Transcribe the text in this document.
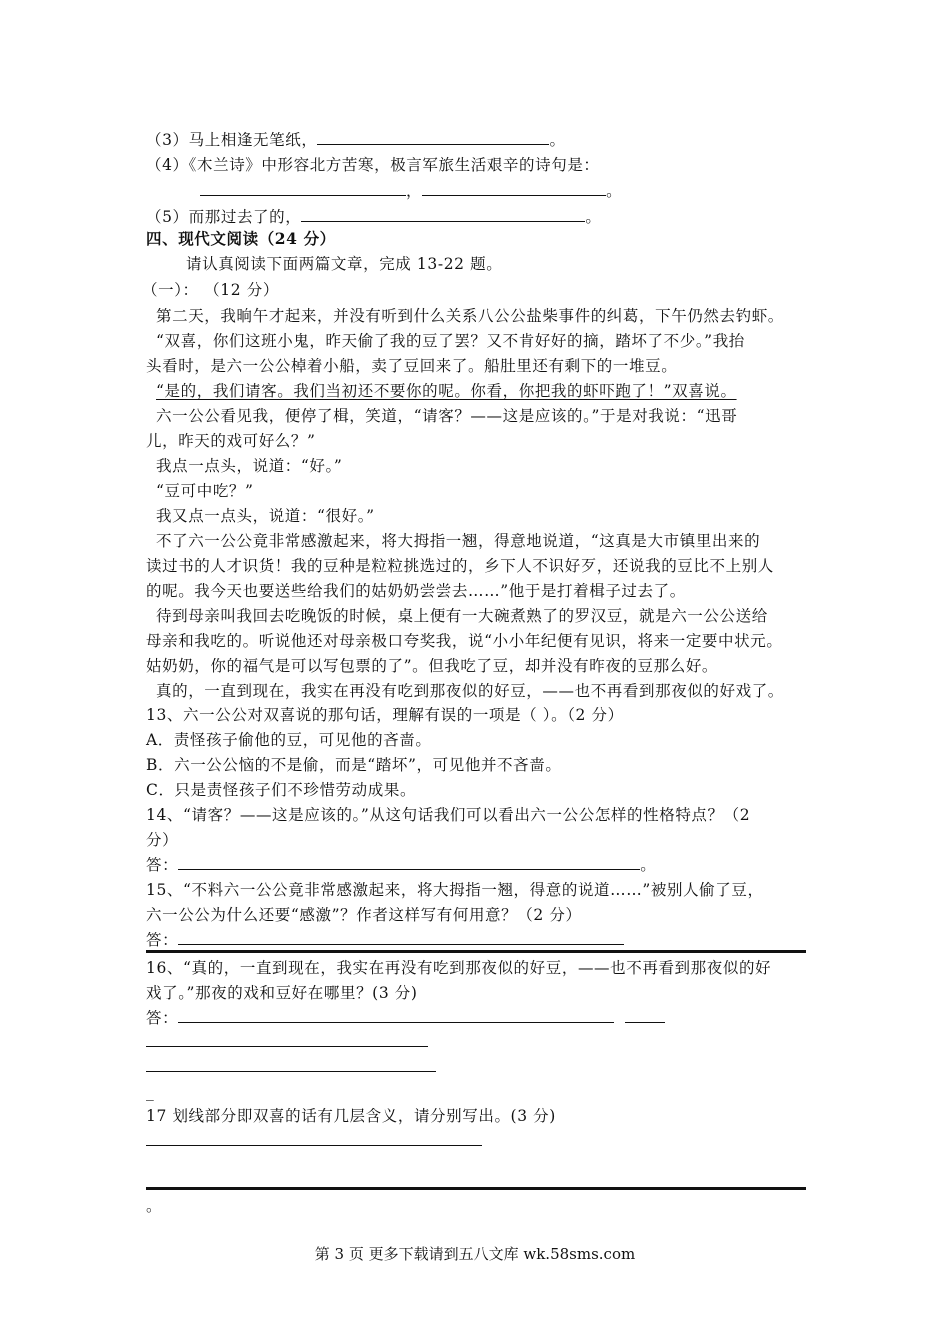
（3）马上相逢无笔纸，	。
（4）《木兰诗》中形容北方苦寒，极言军旅生活艰辛的诗句是：
，	。
（5）而那过去了的，	。
四、现代文阅读（24 分）
请认真阅读下面两篇文章，完成 13-22 题。
（一）： （12 分）
第二天，我晌午才起来，并没有听到什么关系八公公盐柴事件的纠葛，下午仍然去钓虾。
“双喜，你们这班小鬼，昨天偷了我的豆了罢？又不肯好好的摘，踏坏了不少。”我抬
头看时，是六一公公棹着小船，卖了豆回来了。船肚里还有剩下的一堆豆。
“是的，我们请客。我们当初还不要你的呢。你看，你把我的虾吓跑了！”双喜说。
六一公公看见我，便停了楫，笑道，“请客？——这是应该的。”于是对我说：“迅哥
儿，昨天的戏可好么？”
我点一点头，说道：“好。”
“豆可中吃？”
我又点一点头，说道：“很好。”
不了六一公公竟非常感激起来，将大拇指一翘，得意地说道，“这真是大市镇里出来的
读过书的人才识货！我的豆种是粒粒挑选过的，乡下人不识好歹，还说我的豆比不上别人
的呢。我今天也要送些给我们的姑奶奶尝尝去……”他于是打着楫子过去了。
待到母亲叫我回去吃晚饭的时候，桌上便有一大碗煮熟了的罗汉豆，就是六一公公送给
母亲和我吃的。听说他还对母亲极口夸奖我，说“小小年纪便有见识，将来一定要中状元。
姑奶奶，你的福气是可以写包票的了”。但我吃了豆，却并没有昨夜的豆那么好。
真的，一直到现在，我实在再没有吃到那夜似的好豆，——也不再看到那夜似的好戏了。
13、六一公公对双喜说的那句话，理解有误的一项是（ ）。（2 分）
A．责怪孩子偷他的豆，可见他的吝啬。
B．六一公公恼的不是偷，而是“踏坏”，可见他并不吝啬。
C．只是责怪孩子们不珍惜劳动成果。
14、“请客？——这是应该的。”从这句话我们可以看出六一公公怎样的性格特点？（2
分）
答：	。
15、“不料六一公公竟非常感激起来，将大拇指一翘，得意的说道……”被别人偷了豆，
六一公公为什么还要“感激”？作者这样写有何用意？（2 分）
答：
16、“真的，一直到现在，我实在再没有吃到那夜似的好豆，——也不再看到那夜似的好
戏了。”那夜的戏和豆好在哪里？(3 分)
答：
_
17 划线部分即双喜的话有几层含义，请分别写出。(3 分)
。
第 3 页 更多下载请到五八文库 wk.58sms.com
